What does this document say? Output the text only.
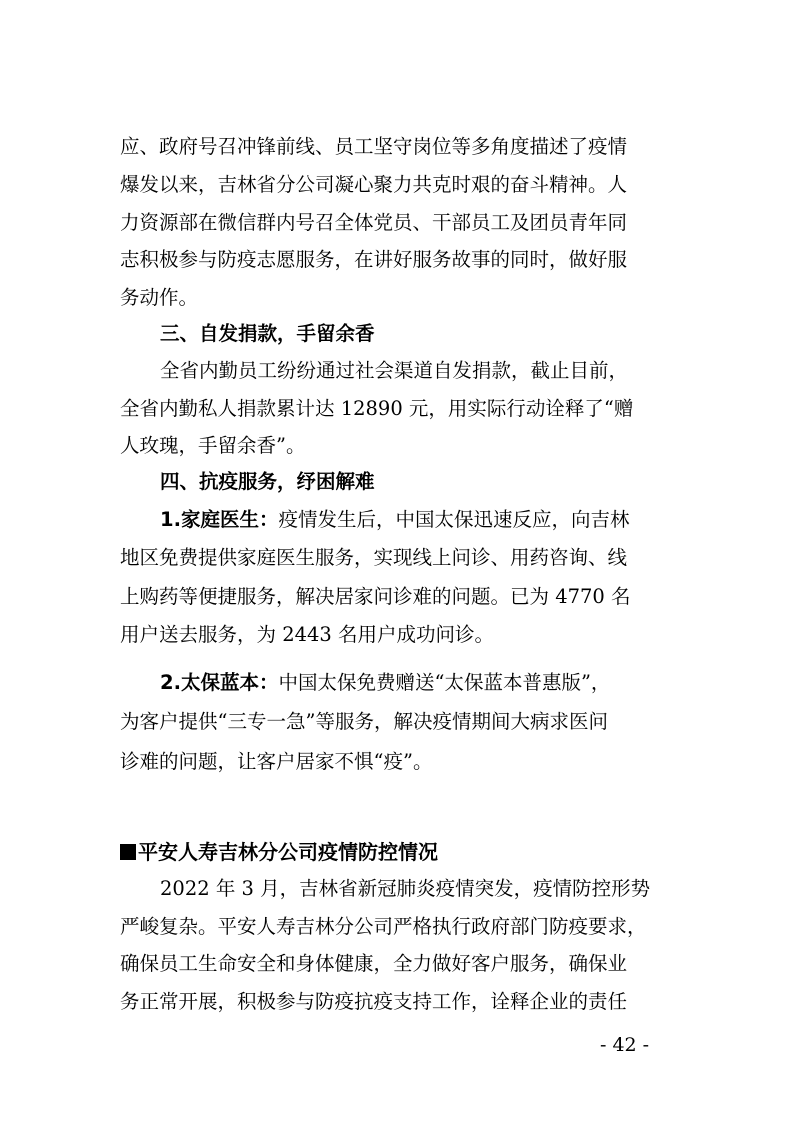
应、政府号召冲锋前线、员工坚守岗位等多角度描述了疫情
爆发以来，吉林省分公司凝心聚力共克时艰的奋斗精神。人
力资源部在微信群内号召全体党员、干部员工及团员青年同
志积极参与防疫志愿服务，在讲好服务故事的同时，做好服
务动作。
三、自发捐款，手留余香
全省内勤员工纷纷通过社会渠道自发捐款，截止目前，
全省内勤私人捐款累计达 12890 元，用实际行动诠释了“赠
人玫瑰，手留余香”。
四、抗疫服务，纾困解难
1.家庭医生：疫情发生后，中国太保迅速反应，向吉林
地区免费提供家庭医生服务，实现线上问诊、用药咨询、线
上购药等便捷服务，解决居家问诊难的问题。已为 4770 名
用户送去服务，为 2443 名用户成功问诊。
2.太保蓝本：中国太保免费赠送“太保蓝本普惠版”，
为客户提供“三专一急”等服务，解决疫情期间大病求医问
诊难的问题，让客户居家不惧“疫”。
平安人寿吉林分公司疫情防控情况
2022 年 3 月，吉林省新冠肺炎疫情突发，疫情防控形势
严峻复杂。平安人寿吉林分公司严格执行政府部门防疫要求，
确保员工生命安全和身体健康，全力做好客户服务，确保业
务正常开展，积极参与防疫抗疫支持工作，诠释企业的责任
- 42 -
